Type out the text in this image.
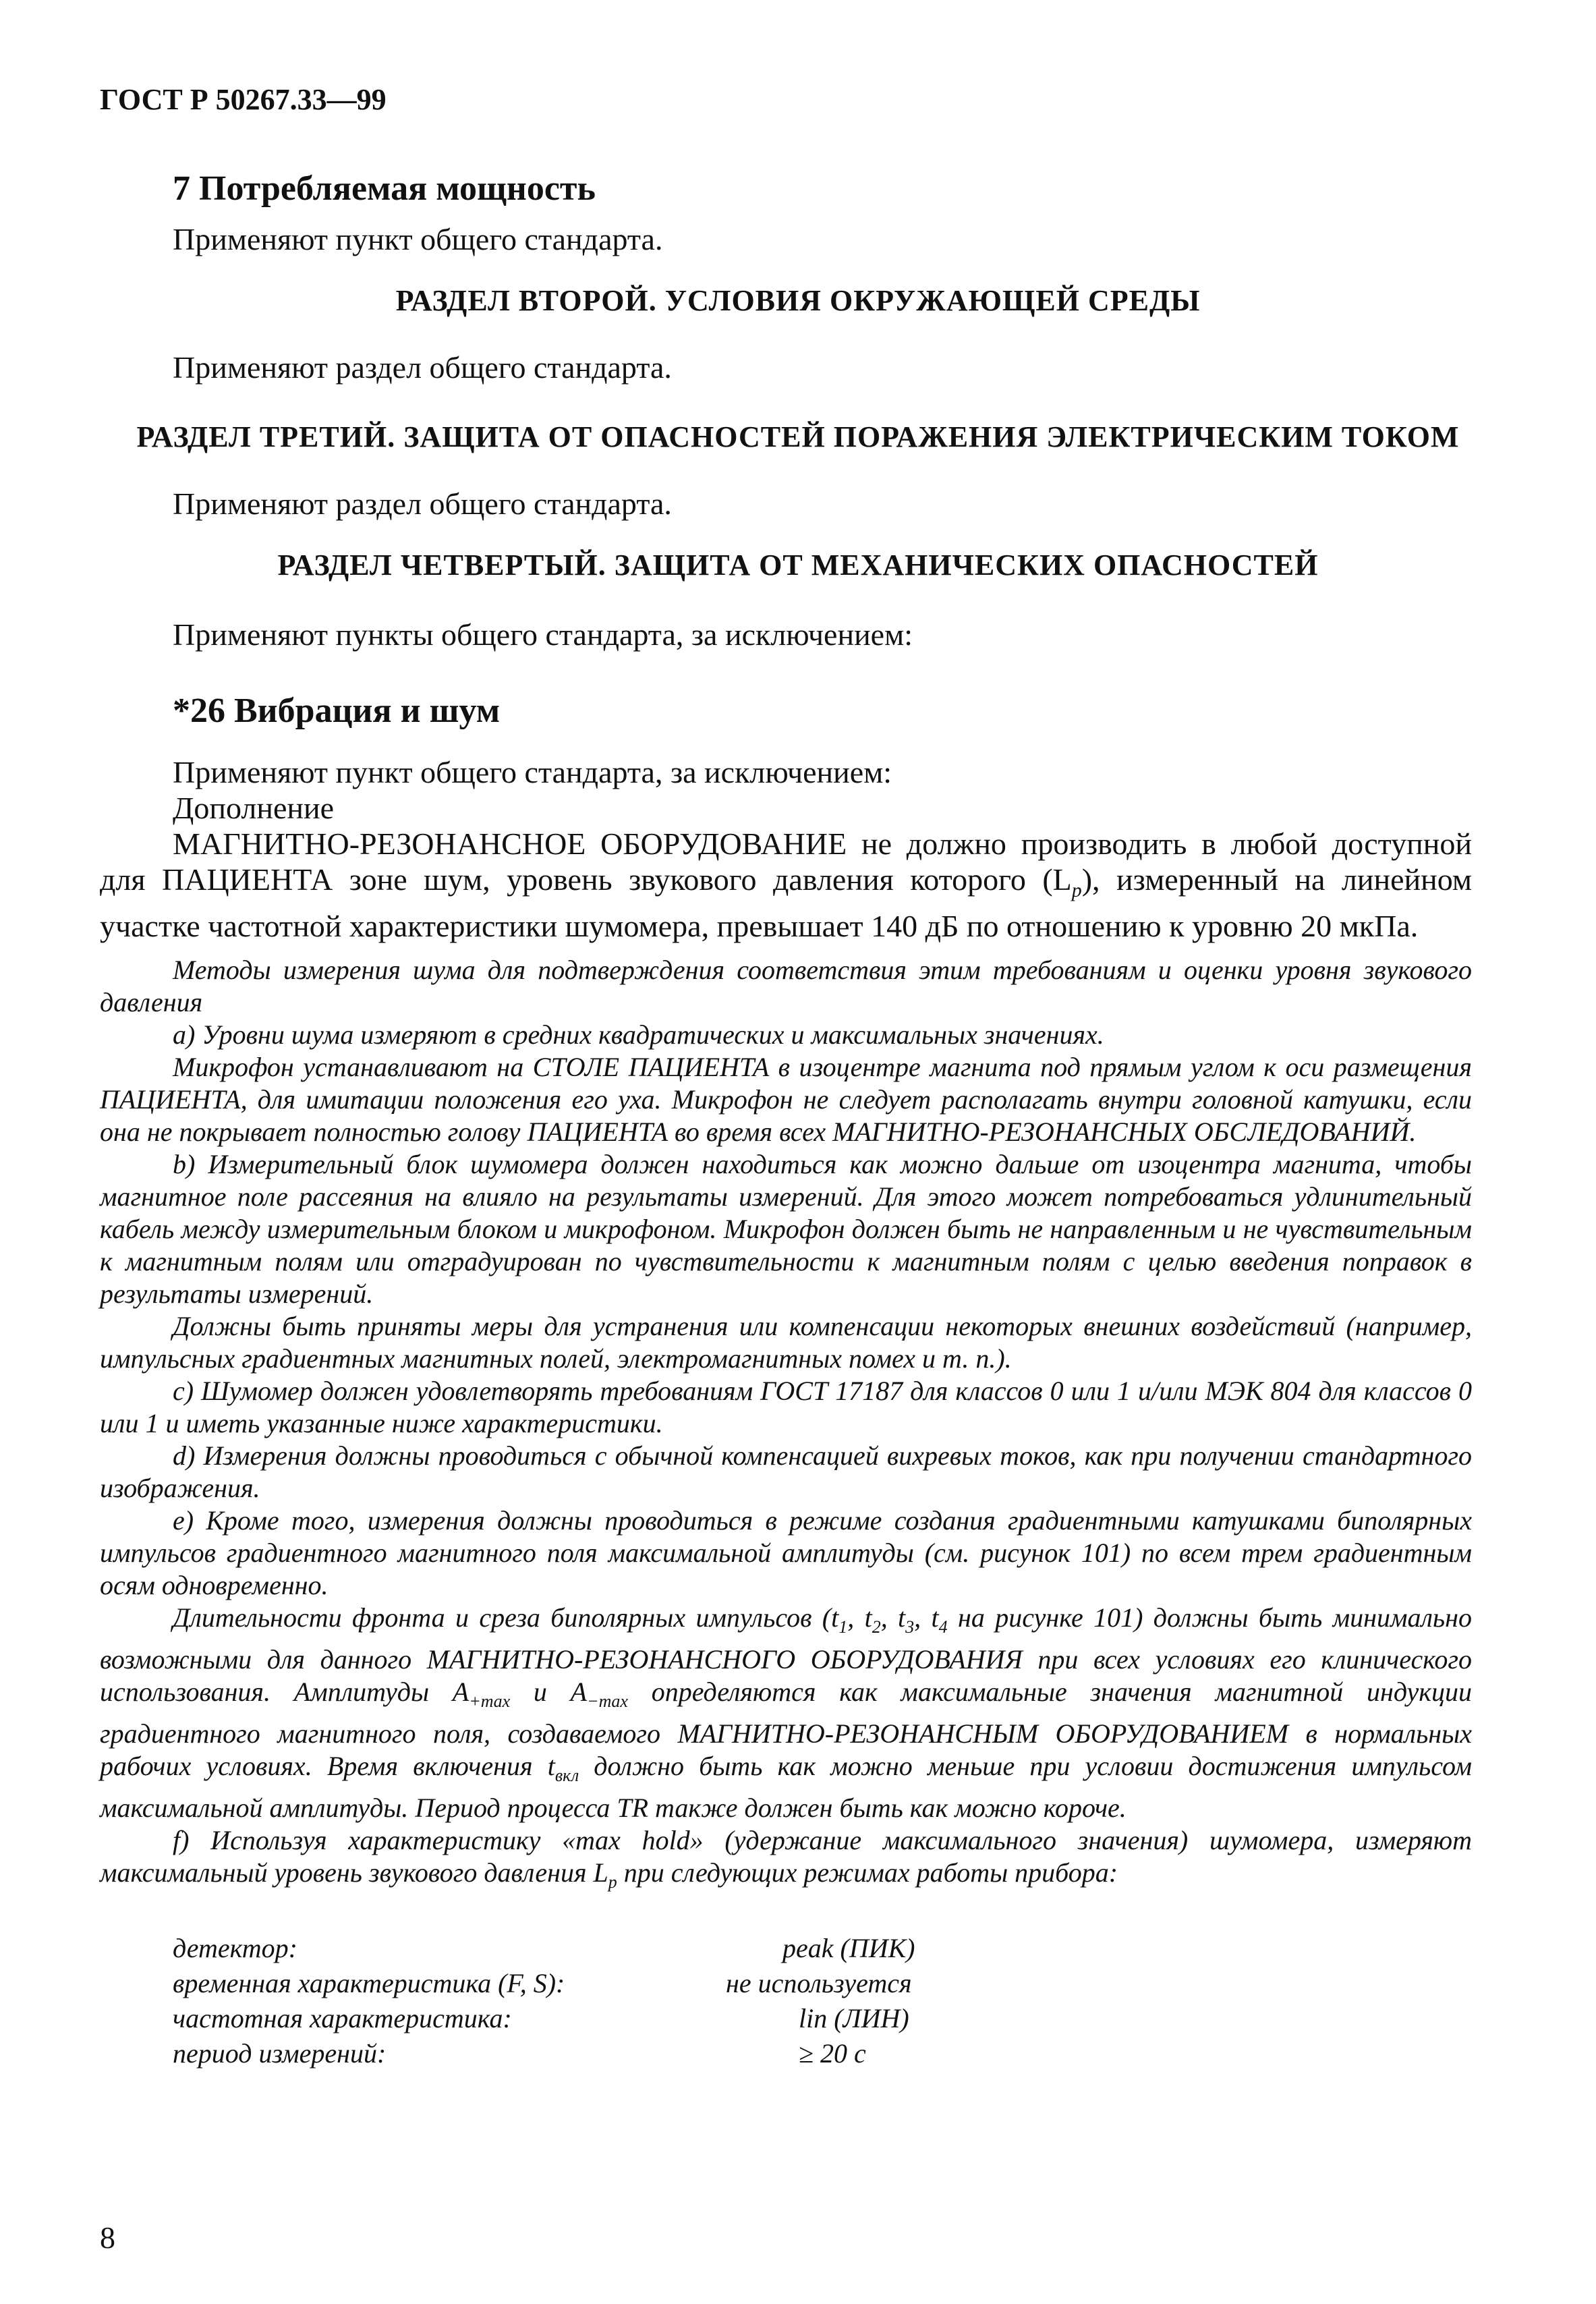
ГОСТ Р 50267.33—99
7 Потребляемая мощность
Применяют пункт общего стандарта.
РАЗДЕЛ ВТОРОЙ. УСЛОВИЯ ОКРУЖАЮЩЕЙ СРЕДЫ
Применяют раздел общего стандарта.
РАЗДЕЛ ТРЕТИЙ. ЗАЩИТА ОТ ОПАСНОСТЕЙ ПОРАЖЕНИЯ ЭЛЕКТРИЧЕСКИМ ТОКОМ
Применяют раздел общего стандарта.
РАЗДЕЛ ЧЕТВЕРТЫЙ. ЗАЩИТА ОТ МЕХАНИЧЕСКИХ ОПАСНОСТЕЙ
Применяют пункты общего стандарта, за исключением:
*26 Вибрация и шум
Применяют пункт общего стандарта, за исключением:
Дополнение
МАГНИТНО-РЕЗОНАНСНОЕ ОБОРУДОВАНИЕ не должно производить в любой доступной для ПАЦИЕНТА зоне шум, уровень звукового давления которого $(L_p)$, измеренный на линейном участке частотной характеристики шумомера, превышает 140 дБ по отношению к уровню 20 мкПа.
Методы измерения шума для подтверждения соответствия этим требованиям и оценки уровня звукового давления
а) Уровни шума измеряют в средних квадратических и максимальных значениях.
Микрофон устанавливают на СТОЛЕ ПАЦИЕНТА в изоцентре магнита под прямым углом к оси размещения ПАЦИЕНТА, для имитации положения его уха. Микрофон не следует располагать внутри головной катушки, если она не покрывает полностью голову ПАЦИЕНТА во время всех МАГНИТНО-РЕЗОНАНСНЫХ ОБСЛЕДОВАНИЙ.
b) Измерительный блок шумомера должен находиться как можно дальше от изоцентра магнита, чтобы магнитное поле рассеяния на влияло на результаты измерений. Для этого может потребоваться удлинительный кабель между измерительным блоком и микрофоном. Микрофон должен быть не направленным и не чувствительным к магнитным полям или отградуирован по чувствительности к магнитным полям с целью введения поправок в результаты измерений.
Должны быть приняты меры для устранения или компенсации некоторых внешних воздействий (например, импульсных градиентных магнитных полей, электромагнитных помех и т. п.).
с) Шумомер должен удовлетворять требованиям ГОСТ 17187 для классов 0 или 1 и/или МЭК 804 для классов 0 или 1 и иметь указанные ниже характеристики.
d) Измерения должны проводиться с обычной компенсацией вихревых токов, как при получении стандартного изображения.
е) Кроме того, измерения должны проводиться в режиме создания градиентными катушками биполярных импульсов градиентного магнитного поля максимальной амплитуды (см. рисунок 101) по всем трем градиентным осям одновременно.
Длительности фронта и среза биполярных импульсов ($t_1$, $t_2$, $t_3$, $t_4$ на рисунке 101) должны быть минимально возможными для данного МАГНИТНО-РЕЗОНАНСНОГО ОБОРУДОВАНИЯ при всех условиях его клинического использования. Амплитуды $A_{+max}$ и $A_{-max}$ определяются как максимальные значения магнитной индукции градиентного магнитного поля, создаваемого МАГНИТНО-РЕЗОНАНСНЫМ ОБОРУДОВАНИЕМ в нормальных рабочих условиях. Время включения $t_{вкл}$ должно быть как можно меньше при условии достижения импульсом максимальной амплитуды. Период процесса TR также должен быть как можно короче.
f) Используя характеристику «max hold» (удержание максимального значения) шумомера, измеряют максимальный уровень звукового давления $L_p$ при следующих режимах работы прибора:
детектор:	peak (ПИК)
временная характеристика (F, S):	не используется
частотная характеристика:	lin (ЛИН)
период измерений:	≥ 20 с
8
